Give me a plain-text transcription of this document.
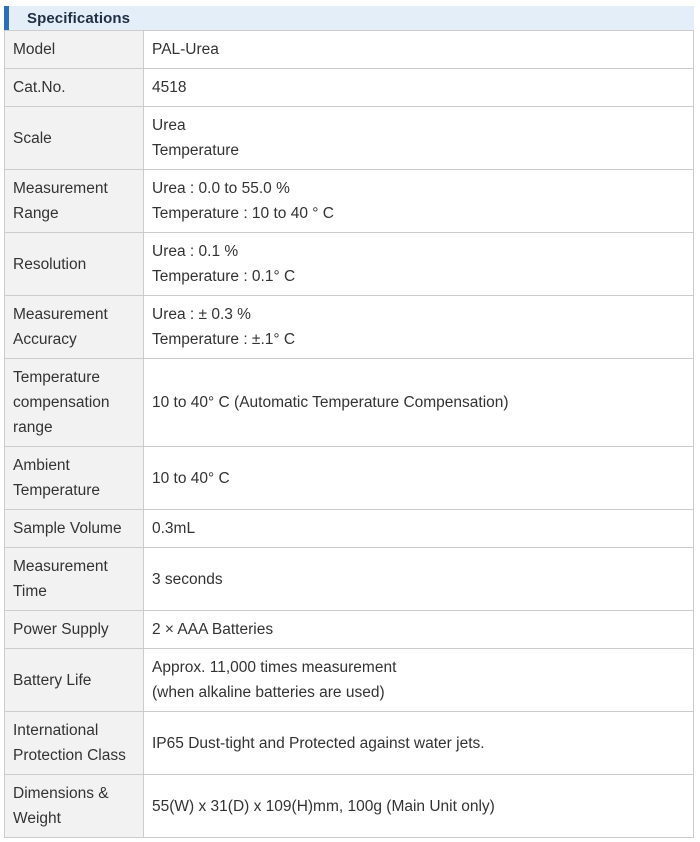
Specifications
Model	PAL-Urea

Cat.No.	4518

Scale	Urea
Temperature

Measurement
Range	Urea : 0.0 to 55.0 %
Temperature : 10 to 40 ° C

Resolution	Urea : 0.1 %
Temperature : 0.1° C

Measurement
Accuracy	Urea : ± 0.3 %
Temperature : ±.1° C

Temperature
compensation
range	10 to 40° C (Automatic Temperature Compensation)

Ambient
Temperature	10 to 40° C

Sample Volume	0.3mL

Measurement
Time	3 seconds

Power Supply	2 × AAA Batteries

Battery Life	Approx. 11,000 times measurement
(when alkaline batteries are used)

International
Protection Class	IP65 Dust-tight and Protected against water jets.

Dimensions &
Weight	55(W) x 31(D) x 109(H)mm, 100g (Main Unit only)
